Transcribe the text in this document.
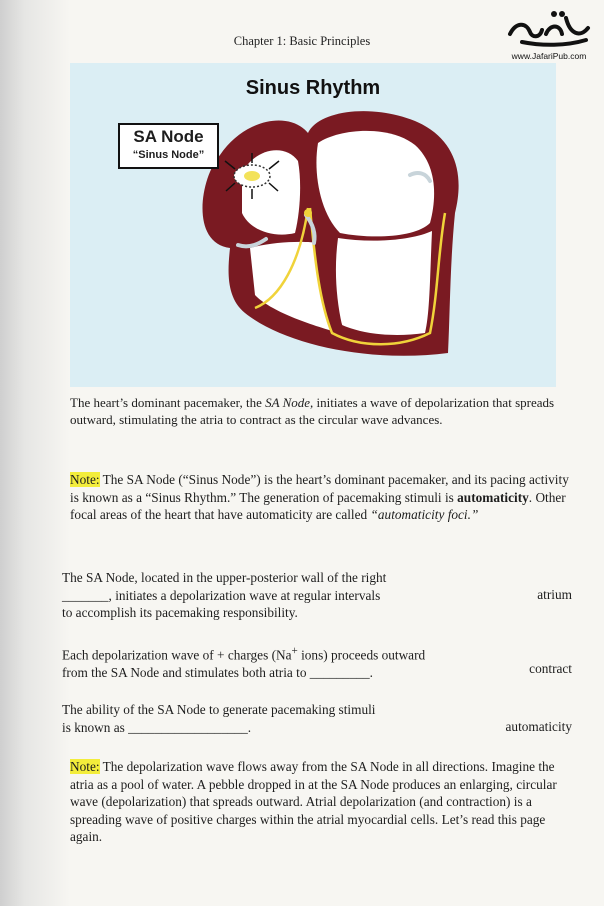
Chapter 1: Basic Principles
www.JafariPub.com
Sinus Rhythm
SA Node
“Sinus Node”
The heart’s dominant pacemaker, the SA Node, initiates a wave of depolarization that spreads outward, stimulating the atria to contract as the circular wave advances.
Note: The SA Node (“Sinus Node”) is the heart’s dominant pacemaker, and its pacing activity is known as a “Sinus Rhythm.” The generation of pacemaking stimuli is automaticity. Other focal areas of the heart that have automaticity are called “automaticity foci.”
The SA Node, located in the upper-posterior wall of the right
_______, initiates a depolarization wave at regular intervals
to accomplish its pacemaking responsibility.
atrium
Each depolarization wave of + charges (Na+ ions) proceeds outward
from the SA Node and stimulates both atria to _________.	contract
The ability of the SA Node to generate pacemaking stimuli
is known as __________________.	automaticity
Note: The depolarization wave flows away from the SA Node in all directions. Imagine the atria as a pool of water. A pebble dropped in at the SA Node produces an enlarging, circular wave (depolarization) that spreads outward. Atrial depolarization (and contraction) is a spreading wave of positive charges within the atrial myocardial cells. Let’s read this page again.
